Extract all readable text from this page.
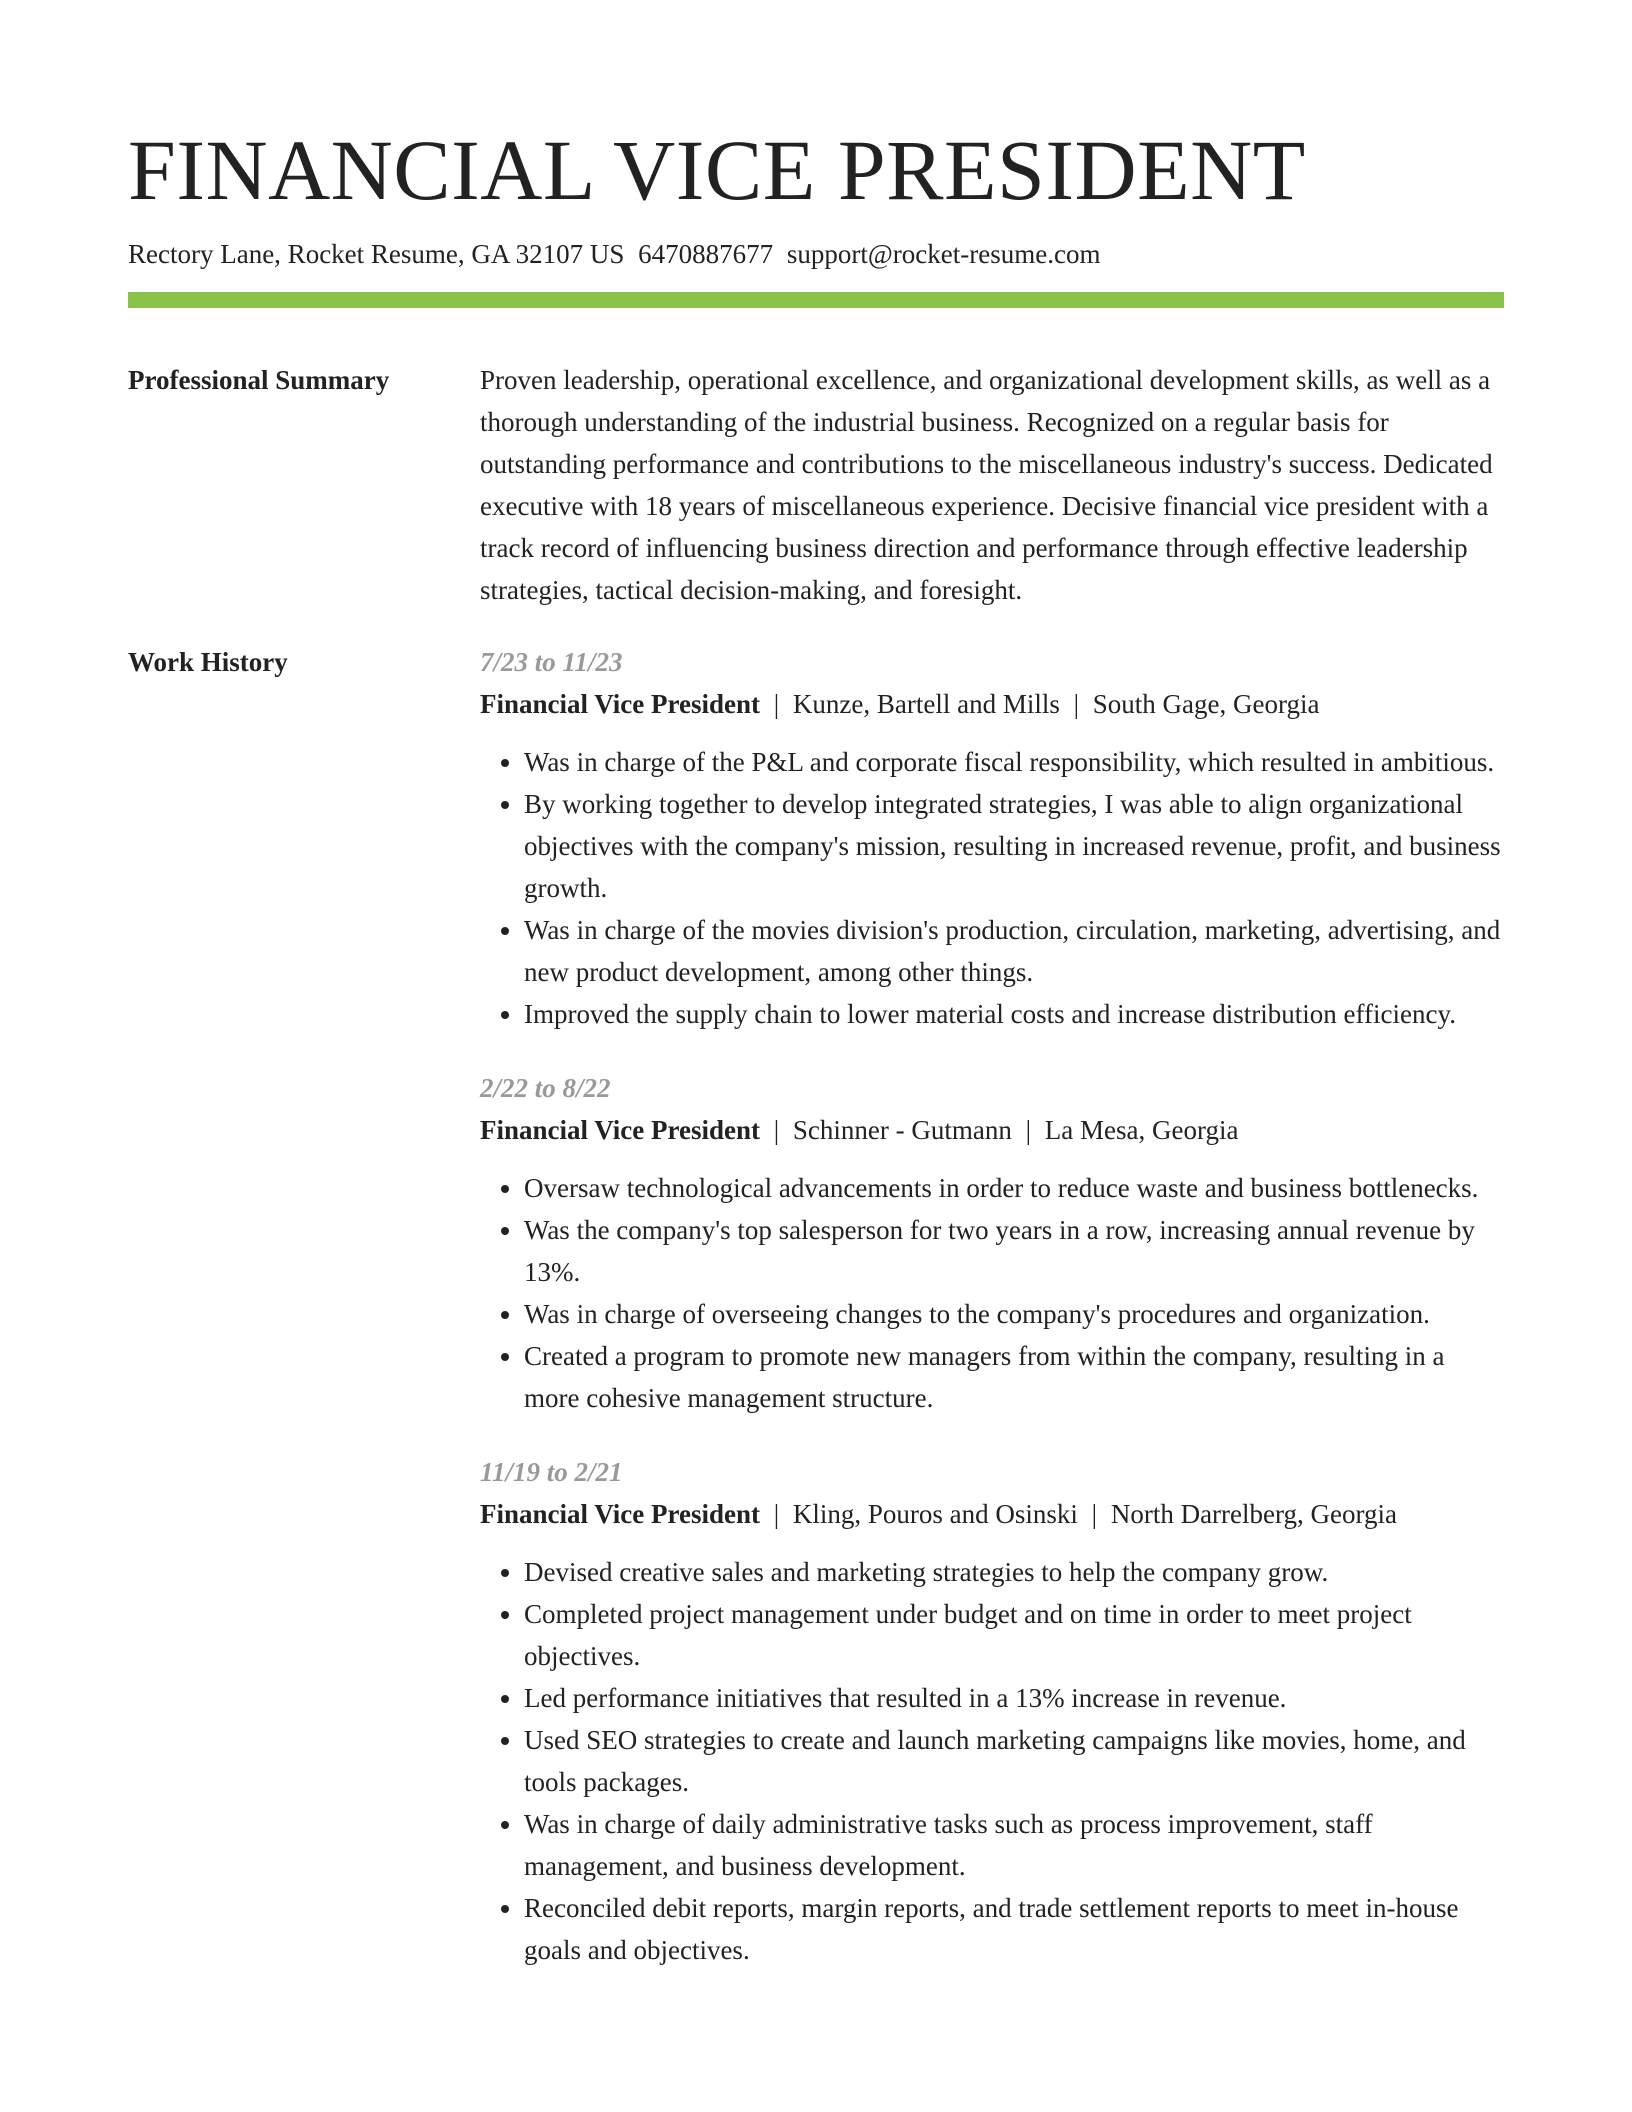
FINANCIAL VICE PRESIDENT
Rectory Lane, Rocket Resume, GA 32107 US 6470887677 support@rocket-resume.com
Professional Summary	Proven leadership, operational excellence, and organizational development skills, as well as a thorough understanding of the industrial business. Recognized on a regular basis for outstanding performance and contributions to the miscellaneous industry's success. Dedicated executive with 18 years of miscellaneous experience. Decisive financial vice president with a track record of influencing business direction and performance through effective leadership strategies, tactical decision-making, and foresight.

Work History	7/23 to 11/23
Financial Vice President | Kunze, Bartell and Mills | South Gage, Georgia
• Was in charge of the P&L and corporate fiscal responsibility, which resulted in ambitious.
• By working together to develop integrated strategies, I was able to align organizational objectives with the company's mission, resulting in increased revenue, profit, and business growth.
• Was in charge of the movies division's production, circulation, marketing, advertising, and new product development, among other things.
• Improved the supply chain to lower material costs and increase distribution efficiency.
2/22 to 8/22
Financial Vice President | Schinner - Gutmann | La Mesa, Georgia
• Oversaw technological advancements in order to reduce waste and business bottlenecks.
• Was the company's top salesperson for two years in a row, increasing annual revenue by 13%.
• Was in charge of overseeing changes to the company's procedures and organization.
• Created a program to promote new managers from within the company, resulting in a more cohesive management structure.
11/19 to 2/21
Financial Vice President | Kling, Pouros and Osinski | North Darrelberg, Georgia
• Devised creative sales and marketing strategies to help the company grow.
• Completed project management under budget and on time in order to meet project objectives.
• Led performance initiatives that resulted in a 13% increase in revenue.
• Used SEO strategies to create and launch marketing campaigns like movies, home, and tools packages.
• Was in charge of daily administrative tasks such as process improvement, staff management, and business development.
• Reconciled debit reports, margin reports, and trade settlement reports to meet in-house goals and objectives.
